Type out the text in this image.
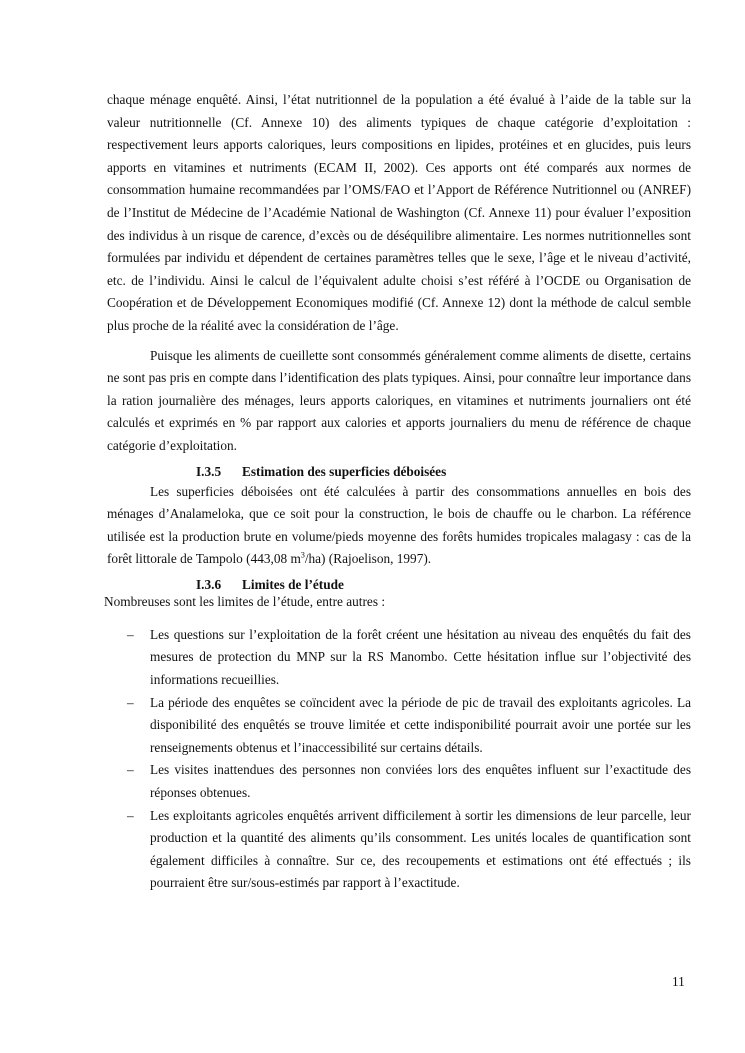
chaque ménage enquêté. Ainsi, l’état nutritionnel de la population a été évalué à l’aide de la table sur la valeur nutritionnelle (Cf. Annexe 10) des aliments typiques de chaque catégorie d’exploitation : respectivement leurs apports caloriques, leurs compositions en lipides, protéines et en glucides, puis leurs apports en vitamines et nutriments (ECAM II, 2002). Ces apports ont été comparés aux normes de consommation humaine recommandées par l’OMS/FAO et l’Apport de Référence Nutritionnel ou (ANREF) de l’Institut de Médecine de l’Académie National de Washington (Cf. Annexe 11) pour évaluer l’exposition des individus à un risque de carence, d’excès ou de déséquilibre alimentaire. Les normes nutritionnelles sont formulées par individu et dépendent de certaines paramètres telles que le sexe, l’âge et le niveau d’activité, etc. de l’individu. Ainsi le calcul de l’équivalent adulte choisi s’est référé à l’OCDE ou Organisation de Coopération et de Développement Economiques modifié (Cf. Annexe 12) dont la méthode de calcul semble plus proche de la réalité avec la considération de l’âge.

Puisque les aliments de cueillette sont consommés généralement comme aliments de disette, certains ne sont pas pris en compte dans l’identification des plats typiques. Ainsi, pour connaître leur importance dans la ration journalière des ménages, leurs apports caloriques, en vitamines et nutriments journaliers ont été calculés et exprimés en % par rapport aux calories et apports journaliers du menu de référence de chaque catégorie d’exploitation.

I.3.5 Estimation des superficies déboisées

Les superficies déboisées ont été calculées à partir des consommations annuelles en bois des ménages d’Analameloka, que ce soit pour la construction, le bois de chauffe ou le charbon. La référence utilisée est la production brute en volume/pieds moyenne des forêts humides tropicales malagasy : cas de la forêt littorale de Tampolo (443,08 $m^3/ha$) (Rajoelison, 1997).

I.3.6 Limites de l’étude

Nombreuses sont les limites de l’étude, entre autres :

– Les questions sur l’exploitation de la forêt créent une hésitation au niveau des enquêtés du fait des mesures de protection du MNP sur la RS Manombo. Cette hésitation influe sur l’objectivité des informations recueillies.
– La période des enquêtes se coïncident avec la période de pic de travail des exploitants agricoles. La disponibilité des enquêtés se trouve limitée et cette indisponibilité pourrait avoir une portée sur les renseignements obtenus et l’inaccessibilité sur certains détails.
– Les visites inattendues des personnes non conviées lors des enquêtes influent sur l’exactitude des réponses obtenues.
– Les exploitants agricoles enquêtés arrivent difficilement à sortir les dimensions de leur parcelle, leur production et la quantité des aliments qu’ils consomment. Les unités locales de quantification sont également difficiles à connaître. Sur ce, des recoupements et estimations ont été effectués ; ils pourraient être sur/sous-estimés par rapport à l’exactitude.
11
